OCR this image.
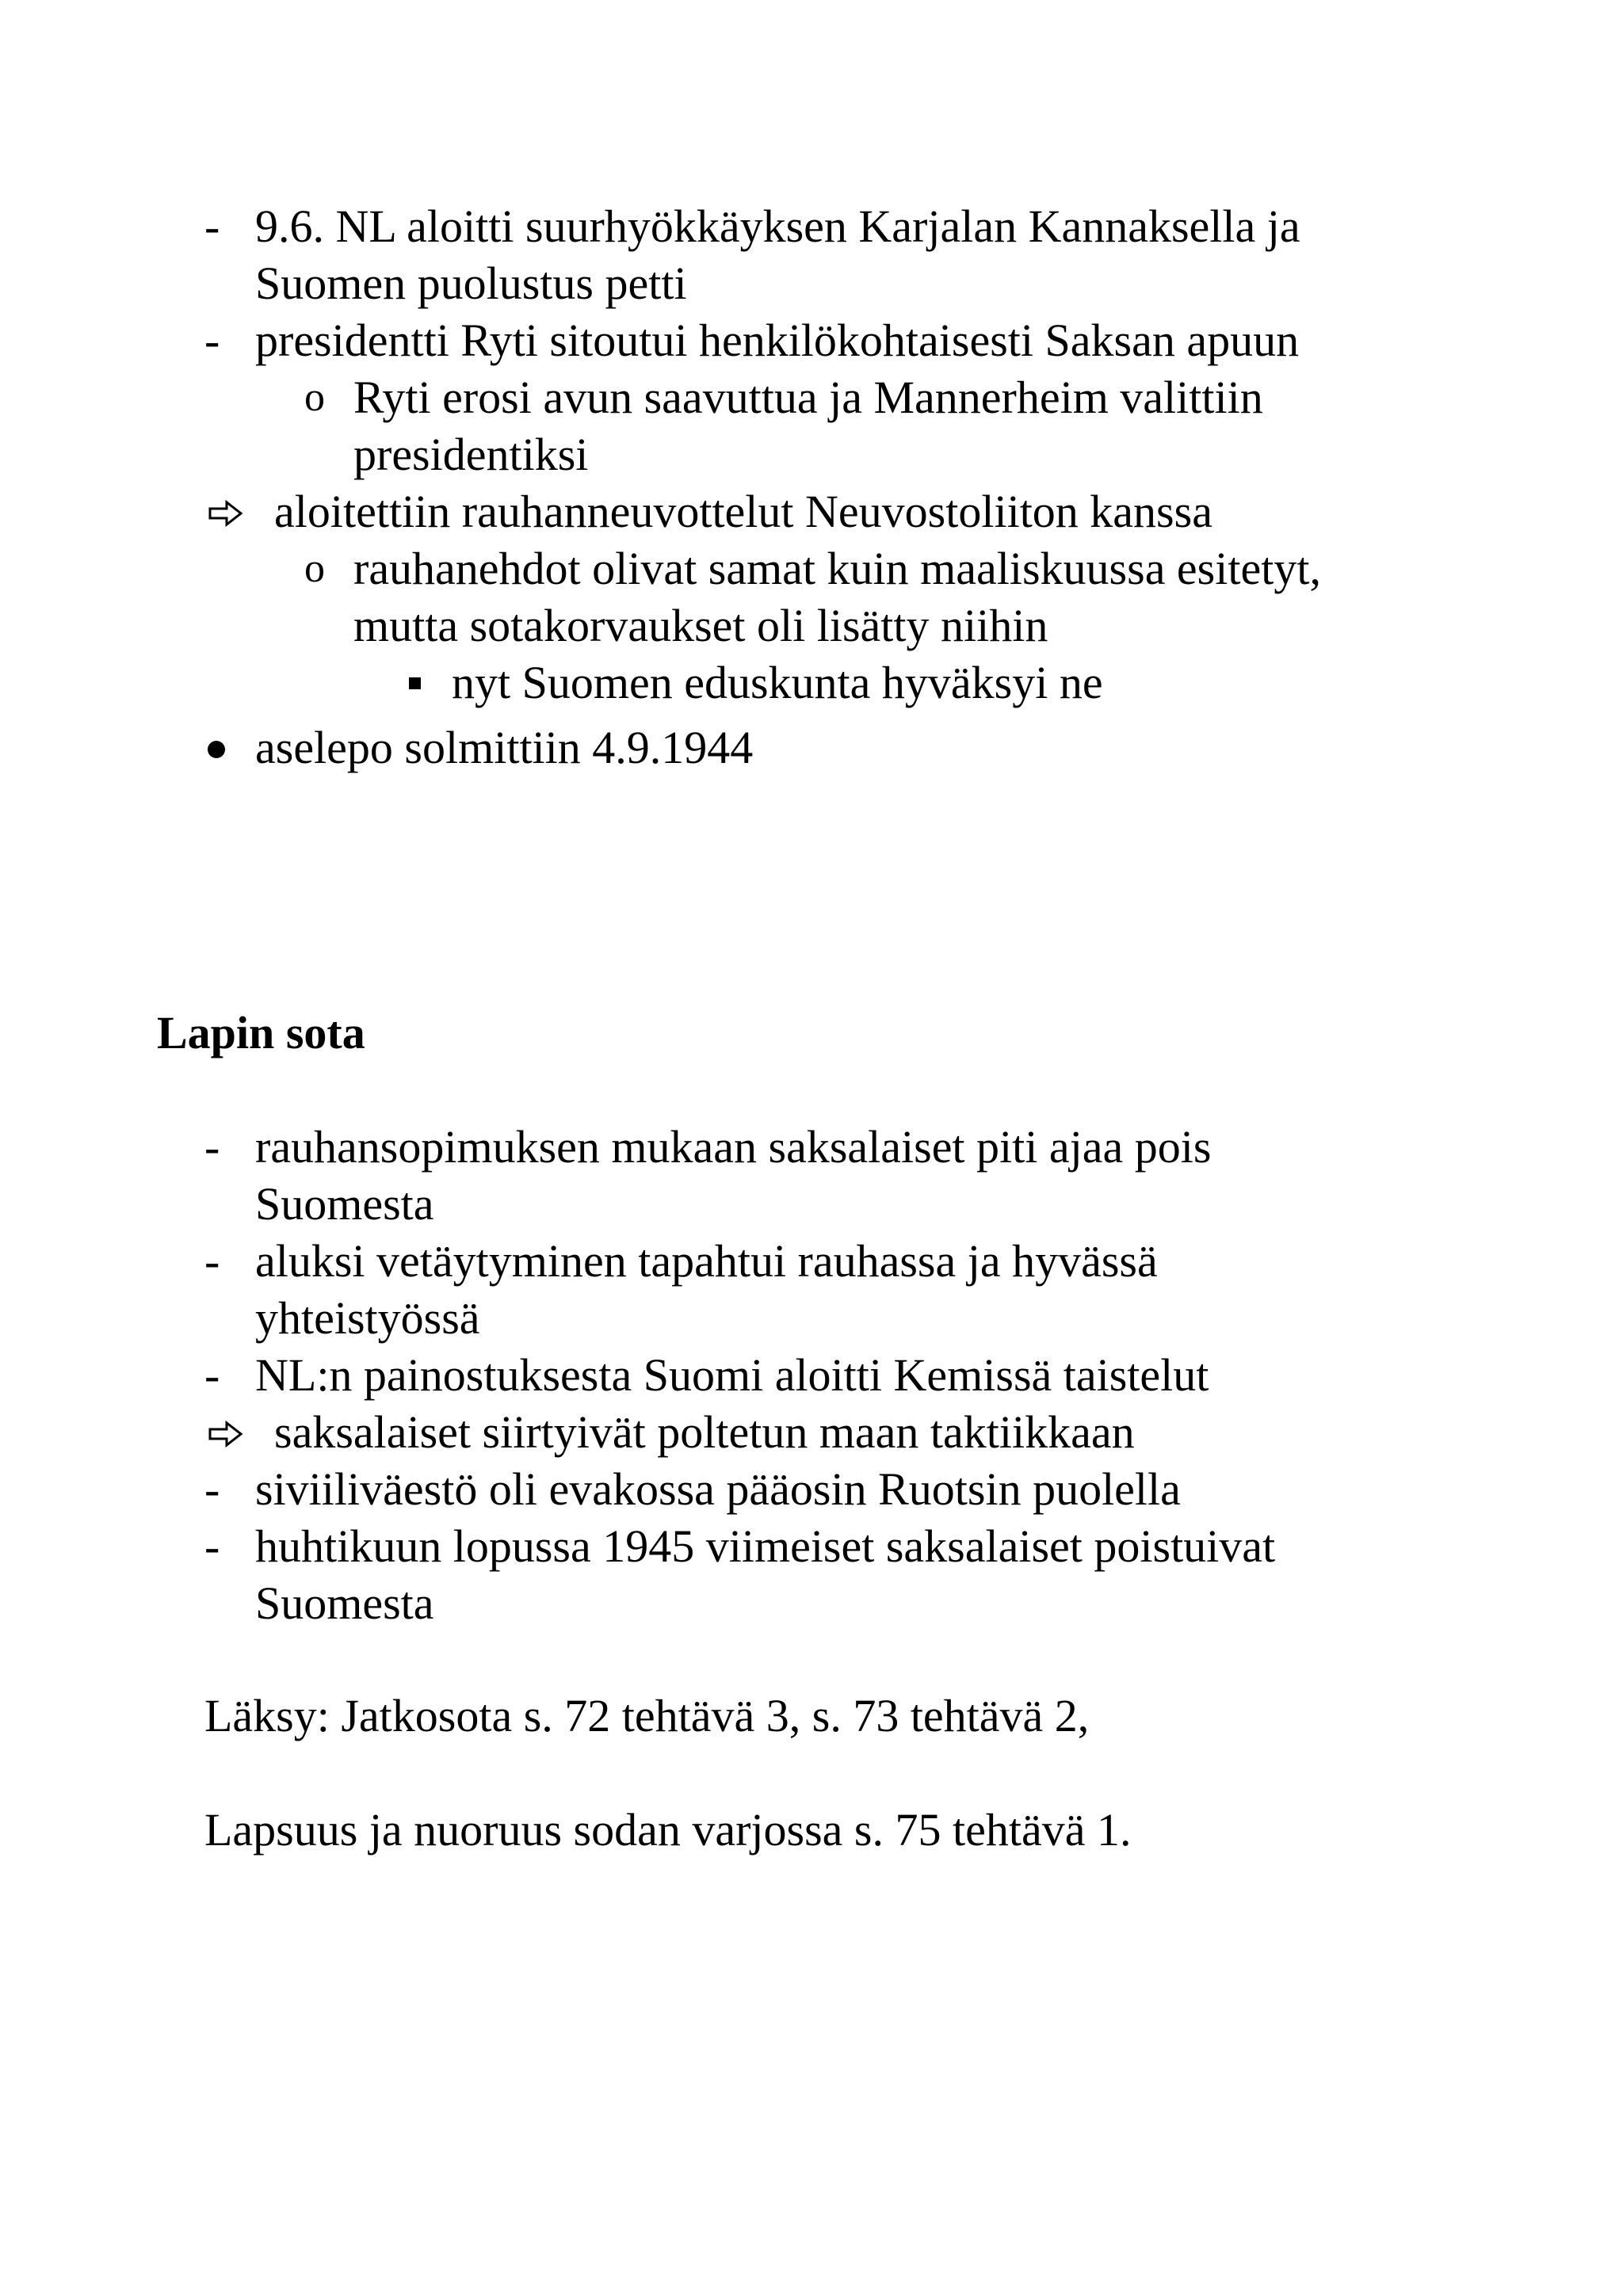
- 9.6. NL aloitti suurhyökkäyksen Karjalan Kannaksella ja
Suomen puolustus petti
- presidentti Ryti sitoutui henkilökohtaisesti Saksan apuun
o Ryti erosi avun saavuttua ja Mannerheim valittiin
presidentiksi
aloitettiin rauhanneuvottelut Neuvostoliiton kanssa
o rauhanehdot olivat samat kuin maaliskuussa esitetyt,
mutta sotakorvaukset oli lisätty niihin
nyt Suomen eduskunta hyväksyi ne
aselepo solmittiin 4.9.1944
Lapin sota
- rauhansopimuksen mukaan saksalaiset piti ajaa pois
Suomesta
- aluksi vetäytyminen tapahtui rauhassa ja hyvässä
yhteistyössä
- NL:n painostuksesta Suomi aloitti Kemissä taistelut
saksalaiset siirtyivät poltetun maan taktiikkaan
- siviiliväestö oli evakossa pääosin Ruotsin puolella
- huhtikuun lopussa 1945 viimeiset saksalaiset poistuivat
Suomesta
Läksy: Jatkosota s. 72 tehtävä 3, s. 73 tehtävä 2,
Lapsuus ja nuoruus sodan varjossa s. 75 tehtävä 1.
